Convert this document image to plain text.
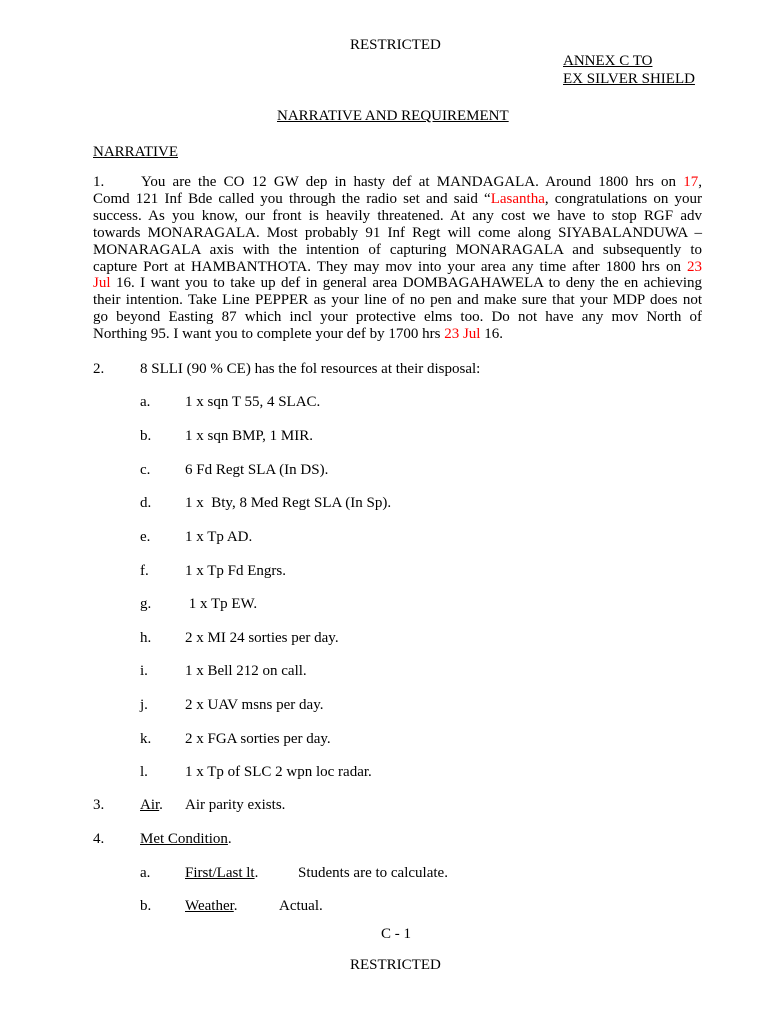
RESTRICTED
ANNEX C TO
EX SILVER SHIELD
NARRATIVE AND REQUIREMENT
NARRATIVE
1. You are the CO 12 GW dep in hasty def at MANDAGALA. Around 1800 hrs on 17,
Comd 121 Inf Bde called you through the radio set and said “Lasantha, congratulations on your
success. As you know, our front is heavily threatened. At any cost we have to stop RGF adv
towards MONARAGALA. Most probably 91 Inf Regt will come along SIYABALANDUWA –
MONARAGALA axis with the intention of capturing MONARAGALA and subsequently to
capture Port at HAMBANTHOTA. They may mov into your area any time after 1800 hrs on 23
Jul 16. I want you to take up def in general area DOMBAGAHAWELA to deny the en achieving
their intention. Take Line PEPPER as your line of no pen and make sure that your MDP does not
go beyond Easting 87 which incl your protective elms too. Do not have any mov North of
Northing 95. I want you to complete your def by 1700 hrs 23 Jul 16.
2. 8 SLLI (90 % CE) has the fol resources at their disposal:
a. 1 x sqn T 55, 4 SLAC.
b. 1 x sqn BMP, 1 MIR.
c. 6 Fd Regt SLA (In DS).
d. 1 x  Bty, 8 Med Regt SLA (In Sp).
e. 1 x Tp AD.
f. 1 x Tp Fd Engrs.
g. 1 x Tp EW.
h. 2 x MI 24 sorties per day.
i. 1 x Bell 212 on call.
j. 2 x UAV msns per day.
k. 2 x FGA sorties per day.
l. 1 x Tp of SLC 2 wpn loc radar.
3. Air. Air parity exists.
4. Met Condition.
a. First/Last lt.	Students are to calculate.
b. Weather.	Actual.
C - 1
RESTRICTED
